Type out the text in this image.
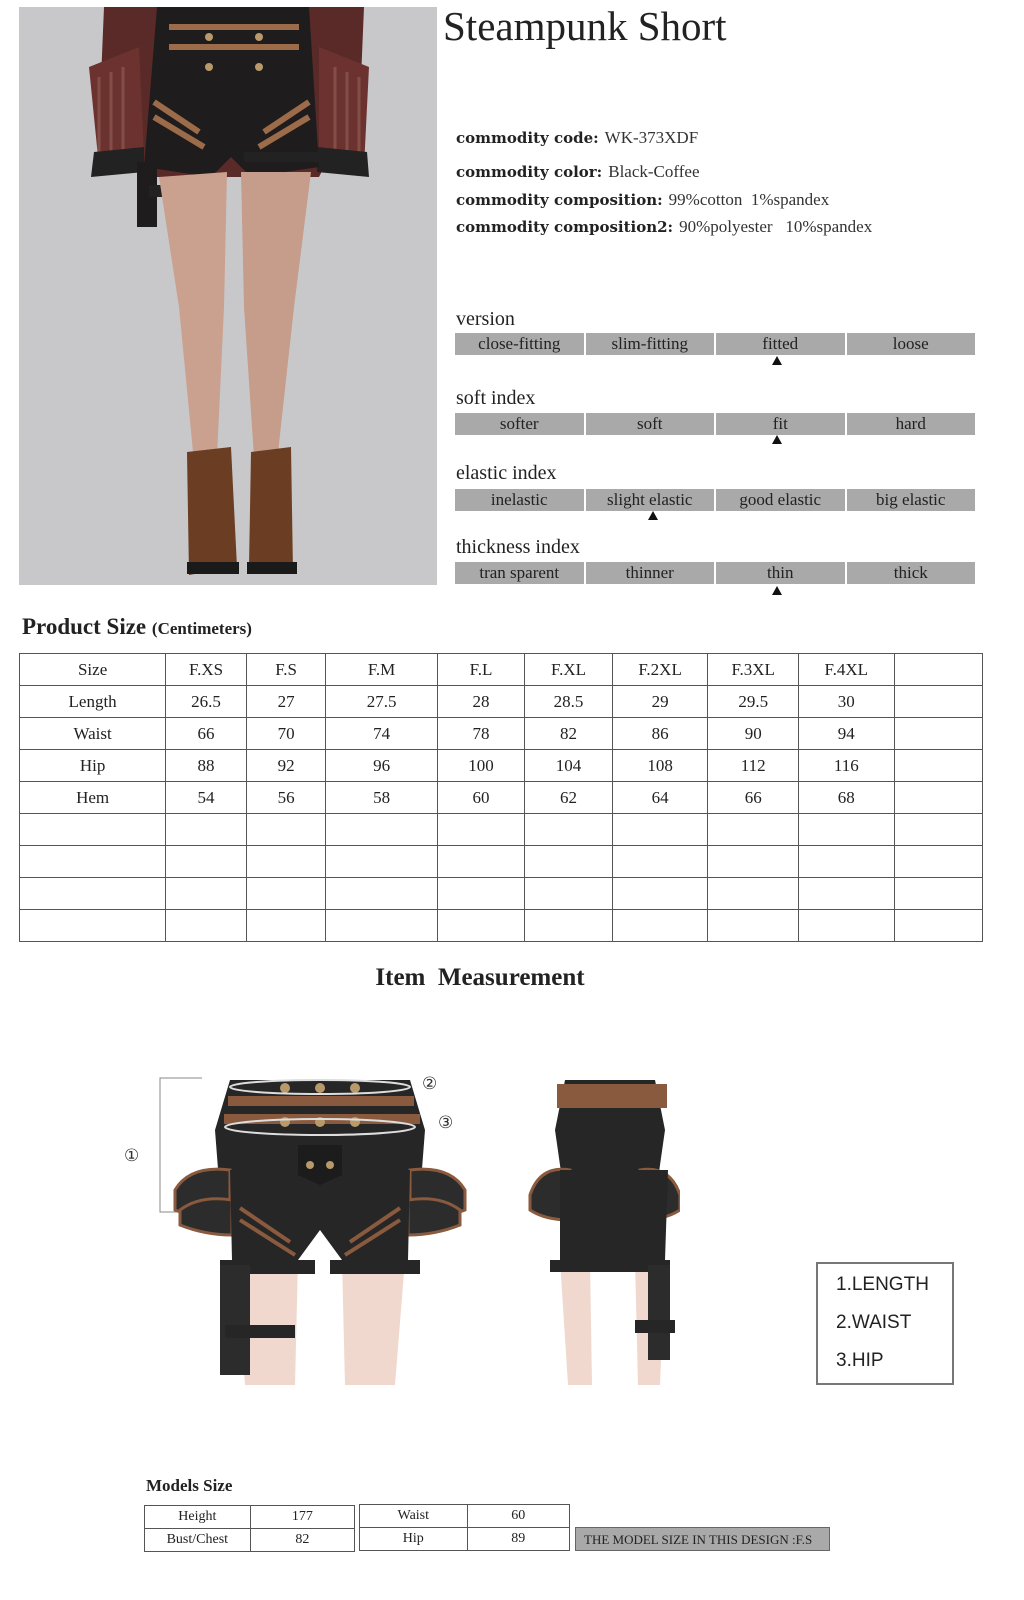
Steampunk Short
commodity code: WK-373XDF
commodity color: Black-Coffee
commodity composition: 99%cotton  1%spandex
commodity composition2: 90%polyester   10%spandex
version
close-fitting	slim-fitting	fitted	loose
soft index
softer	soft	fit	hard
elastic index
inelastic	slight elastic	good elastic	big elastic
thickness index
tran sparent	thinner	thin	thick
Product Size (Centimeters)
Size	F.XS	F.S	F.M	F.L	F.XL	F.2XL	F.3XL	F.4XL	
Length	26.5	27	27.5	28	28.5	29	29.5	30	
Waist	66	70	74	78	82	86	90	94	
Hip	88	92	96	100	104	108	112	116	
Hem	54	56	58	60	62	64	66	68	

Item  Measurement
①
②
③
1.LENGTH
2.WAIST
3.HIP
Models Size
Height	177
Bust/Chest	82
Waist	60
Hip	89	THE MODEL SIZE IN THIS DESIGN :F.S
